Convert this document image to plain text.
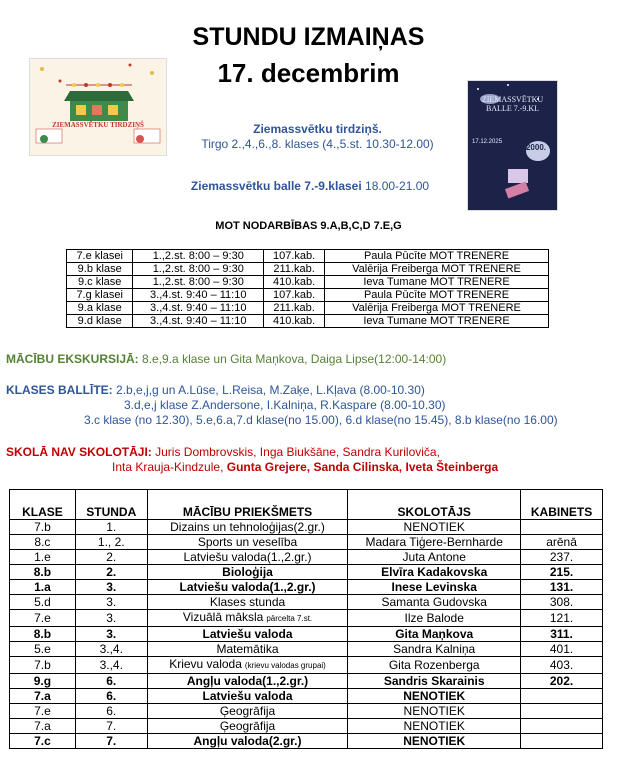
STUNDU IZMAIŅAS
17. decembrim
ZIEMASSVĒTKU TIRDZIŅŠ
ZIEMASSVĒTKU BALLE 7.-9.KL
17.12.2025
2000.
Ziemassvētku tirdziņš.
Tirgo 2.,4.,6.,8. klases (4.,5.st. 10.30-12.00)
Ziemassvētku balle 7.-9.klasei 18.00-21.00
MOT NODARBĪBAS 9.A,B,C,D 7.E,G
7.e klasei	1.,2.st. 8:00 – 9:30	107.kab.	Paula Pūcīte MOT TRENERE
9.b klase	1.,2.st. 8:00 – 9:30	211.kab.	Valērija Freiberga MOT TRENERE
9.c klase	1.,2.st. 8:00 – 9:30	410.kab.	Ieva Tumane MOT TRENERE
7.g klasei	3.,4.st. 9:40 – 11:10	107.kab.	Paula Pūcīte MOT TRENERE
9.a klase	3.,4.st. 9:40 – 11:10	211.kab.	Valērija Freiberga MOT TRENERE
9.d klase	3.,4.st. 9:40 – 11:10	410.kab.	Ieva Tumane MOT TRENERE
MĀCĪBU EKSKURSIJĀ: 8.e,9.a klase un Gita Maņkova, Daiga Lipse(12:00-14:00)
KLASES BALLĪTE: 2.b,e,j,g un A.Lūse, L.Reisa, M.Zaķe, L.Kļava (8.00-10.30)
3.d,e,j klase Z.Andersone, I.Kalniņa, R.Kaspare (8.00-10.30)
3.c klase (no 12.30), 5.e,6.a,7.d klase(no 15.00), 6.d klase(no 15.45), 8.b klase(no 16.00)
SKOLĀ NAV SKOLOTĀJI: Juris Dombrovskis, Inga Biukšāne, Sandra Kuriloviča,
Inta Krauja-Kindzule, Gunta Grejere, Sanda Cilinska, Iveta Šteinberga
KLASE	STUNDA	MĀCĪBU PRIEKŠMETS	SKOLOTĀJS	KABINETS
7.b	1.	Dizains un tehnoloģijas(2.gr.)	NENOTIEK	
8.c	1., 2.	Sports un veselība	Madara Tiģere-Bernharde	arēnā
1.e	2.	Latviešu valoda(1.,2.gr.)	Juta Antone	237.
8.b	2.	Bioloģija	Elvīra Kadakovska	215.
1.a	3.	Latviešu valoda(1.,2.gr.)	Inese Levinska	131.
5.d	3.	Klases stunda	Samanta Gudovska	308.
7.e	3.	Vizuālā māksla pārcelta 7.st.	Ilze Balode	121.
8.b	3.	Latviešu valoda	Gita Maņkova	311.
5.e	3.,4.	Matemātika	Sandra Kalniņa	401.
7.b	3.,4.	Krievu valoda (krievu valodas grupai)	Gita Rozenberga	403.
9.g	6.	Angļu valoda(1.,2.gr.)	Sandris Skarainis	202.
7.a	6.	Latviešu valoda	NENOTIEK	
7.e	6.	Ģeogrāfija	NENOTIEK	
7.a	7.	Ģeogrāfija	NENOTIEK	
7.c	7.	Angļu valoda(2.gr.)	NENOTIEK	
